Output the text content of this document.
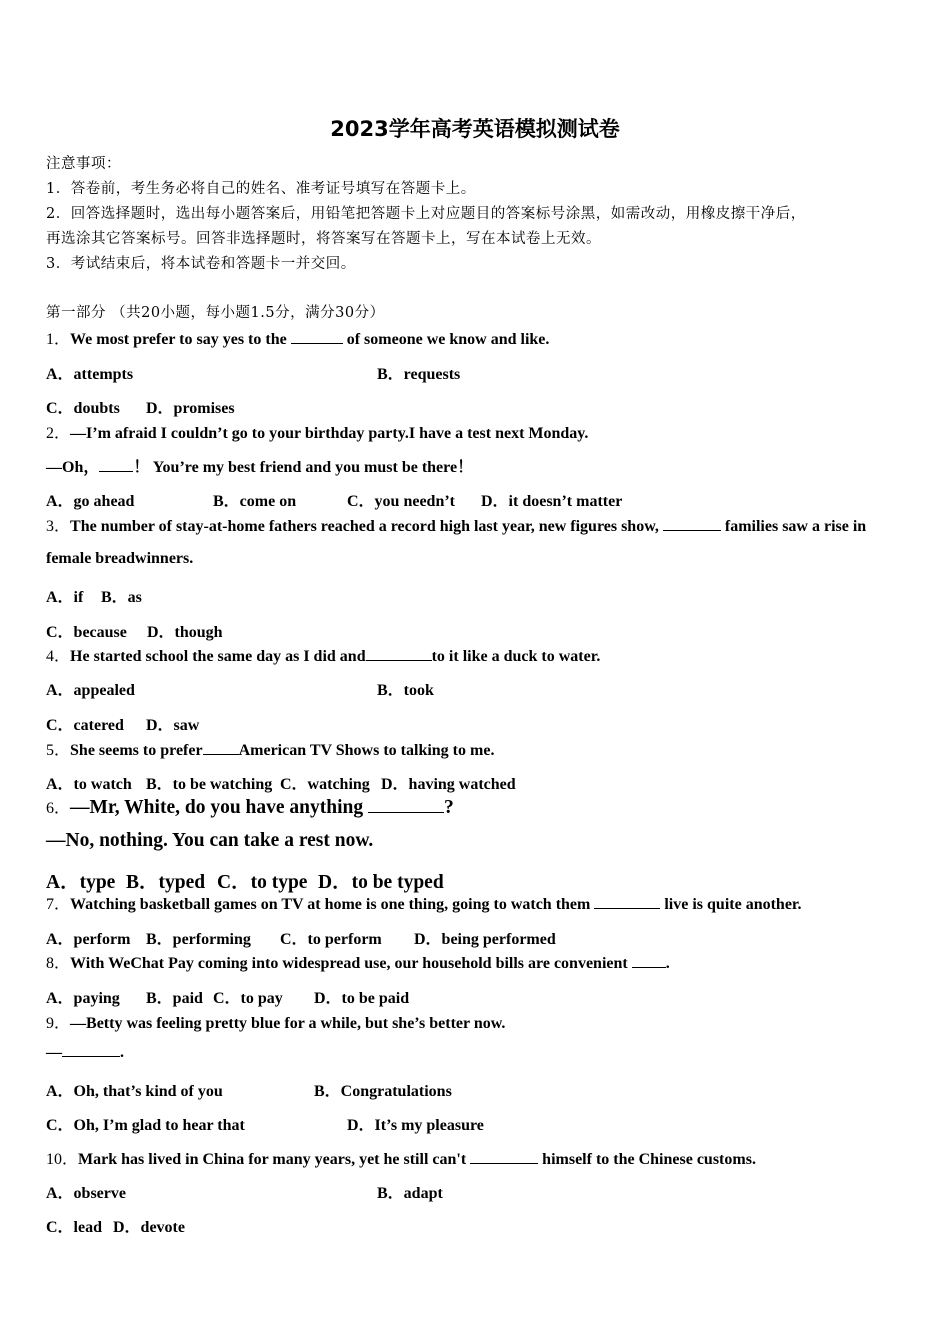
2023学年高考英语模拟测试卷
注意事项：
1．答卷前，考生务必将自己的姓名、准考证号填写在答题卡上。
2．回答选择题时，选出每小题答案后，用铅笔把答题卡上对应题目的答案标号涂黑，如需改动，用橡皮擦干净后，
再选涂其它答案标号。回答非选择题时，将答案写在答题卡上，写在本试卷上无效。
3．考试结束后，将本试卷和答题卡一并交回。
第一部分 （共20小题，每小题1.5分，满分30分）
1．We most prefer to say yes to the	of someone we know and like.
A．attempts	B．requests
C．doubts D．promises
2．—I’m afraid I couldn’t go to your birthday party.I have a test next Monday.
—Oh， ！ You’re my best friend and you must be there！
A．go ahead	B．come on	C．you needn’t D．it doesn’t matter
3．The number of stay-at-home fathers reached a record high last year, new figures show,	families saw a rise in
female breadwinners.
A．if B．as
C．because D．though
4．He started school the same day as I did and	to it like a duck to water.
A．appealed	B．took
C．catered D．saw
5．She seems to prefer American TV Shows to talking to me.
A．to watch B．to be watching C．watching D．having watched
6．—Mr, White, do you have anything	?
—No, nothing. You can take a rest now.
A．type B．typed C．to type D．to be typed
7．Watching basketball games on TV at home is one thing, going to watch them	live is quite another.
A．perform B．performing C．to perform D．being performed
8．With WeChat Pay coming into widespread use, our household bills are convenient .
A．paying B．paid C．to pay D．to be paid
9．—Betty was feeling pretty blue for a while, but she’s better now.
—	.
A．Oh, that’s kind of you	B．Congratulations
C．Oh, I’m glad to hear that	D．It’s my pleasure
10．Mark has lived in China for many years, yet he still can't	himself to the Chinese customs.
A．observe	B．adapt
C．lead D．devote
